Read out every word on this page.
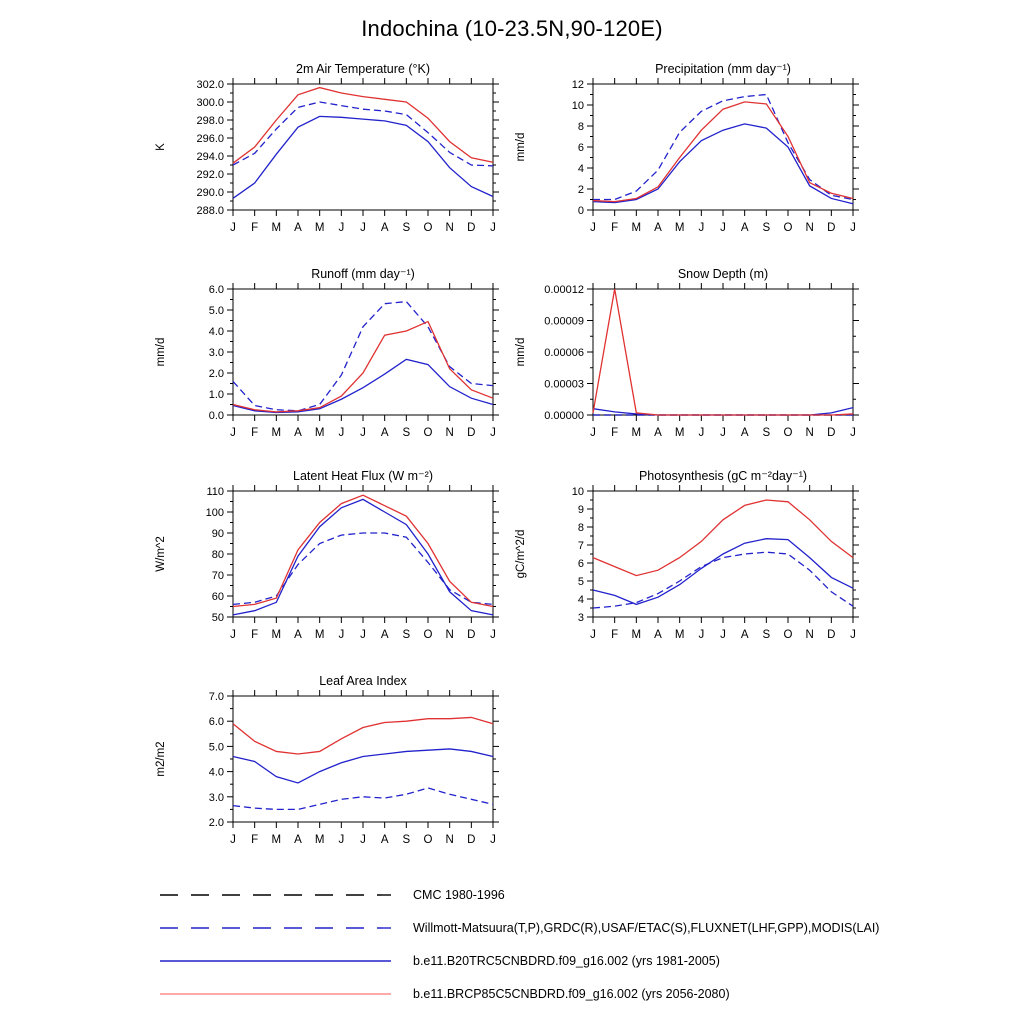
Indochina (10-23.5N,90-120E)
288.0
290.0
292.0
294.0
296.0
298.0
300.0
302.0
J F M A M J J A S O N D J
2m Air Temperature (°K)
K
0
2
4
6
8
10
12
J F M A M J J A S O N D J
Precipitation (mm day⁻¹)
mm/d
0.0
1.0
2.0
3.0
4.0
5.0
6.0
J F M A M J J A S O N D J
Runoff (mm day⁻¹)
mm/d
0.00000
0.00003
0.00006
0.00009
0.00012
J F M A M J J A S O N D J
Snow Depth (m)
mm/d
50
60
70
80
90
100
110
J F M A M J J A S O N D J
Latent Heat Flux (W m⁻²)
W/m^2
3
4
5
6
7
8
9
10
J F M A M J J A S O N D J
Photosynthesis (gC m⁻²day⁻¹)
gC/m^2/d
2.0
3.0
4.0
5.0
6.0
7.0
J F M A M J J A S O N D J
Leaf Area Index
m2/m2
CMC 1980-1996
Willmott-Matsuura(T,P),GRDC(R),USAF/ETAC(S),FLUXNET(LHF,GPP),MODIS(LAI)
b.e11.B20TRC5CNBDRD.f09_g16.002 (yrs 1981-2005)
b.e11.BRCP85C5CNBDRD.f09_g16.002 (yrs 2056-2080)
